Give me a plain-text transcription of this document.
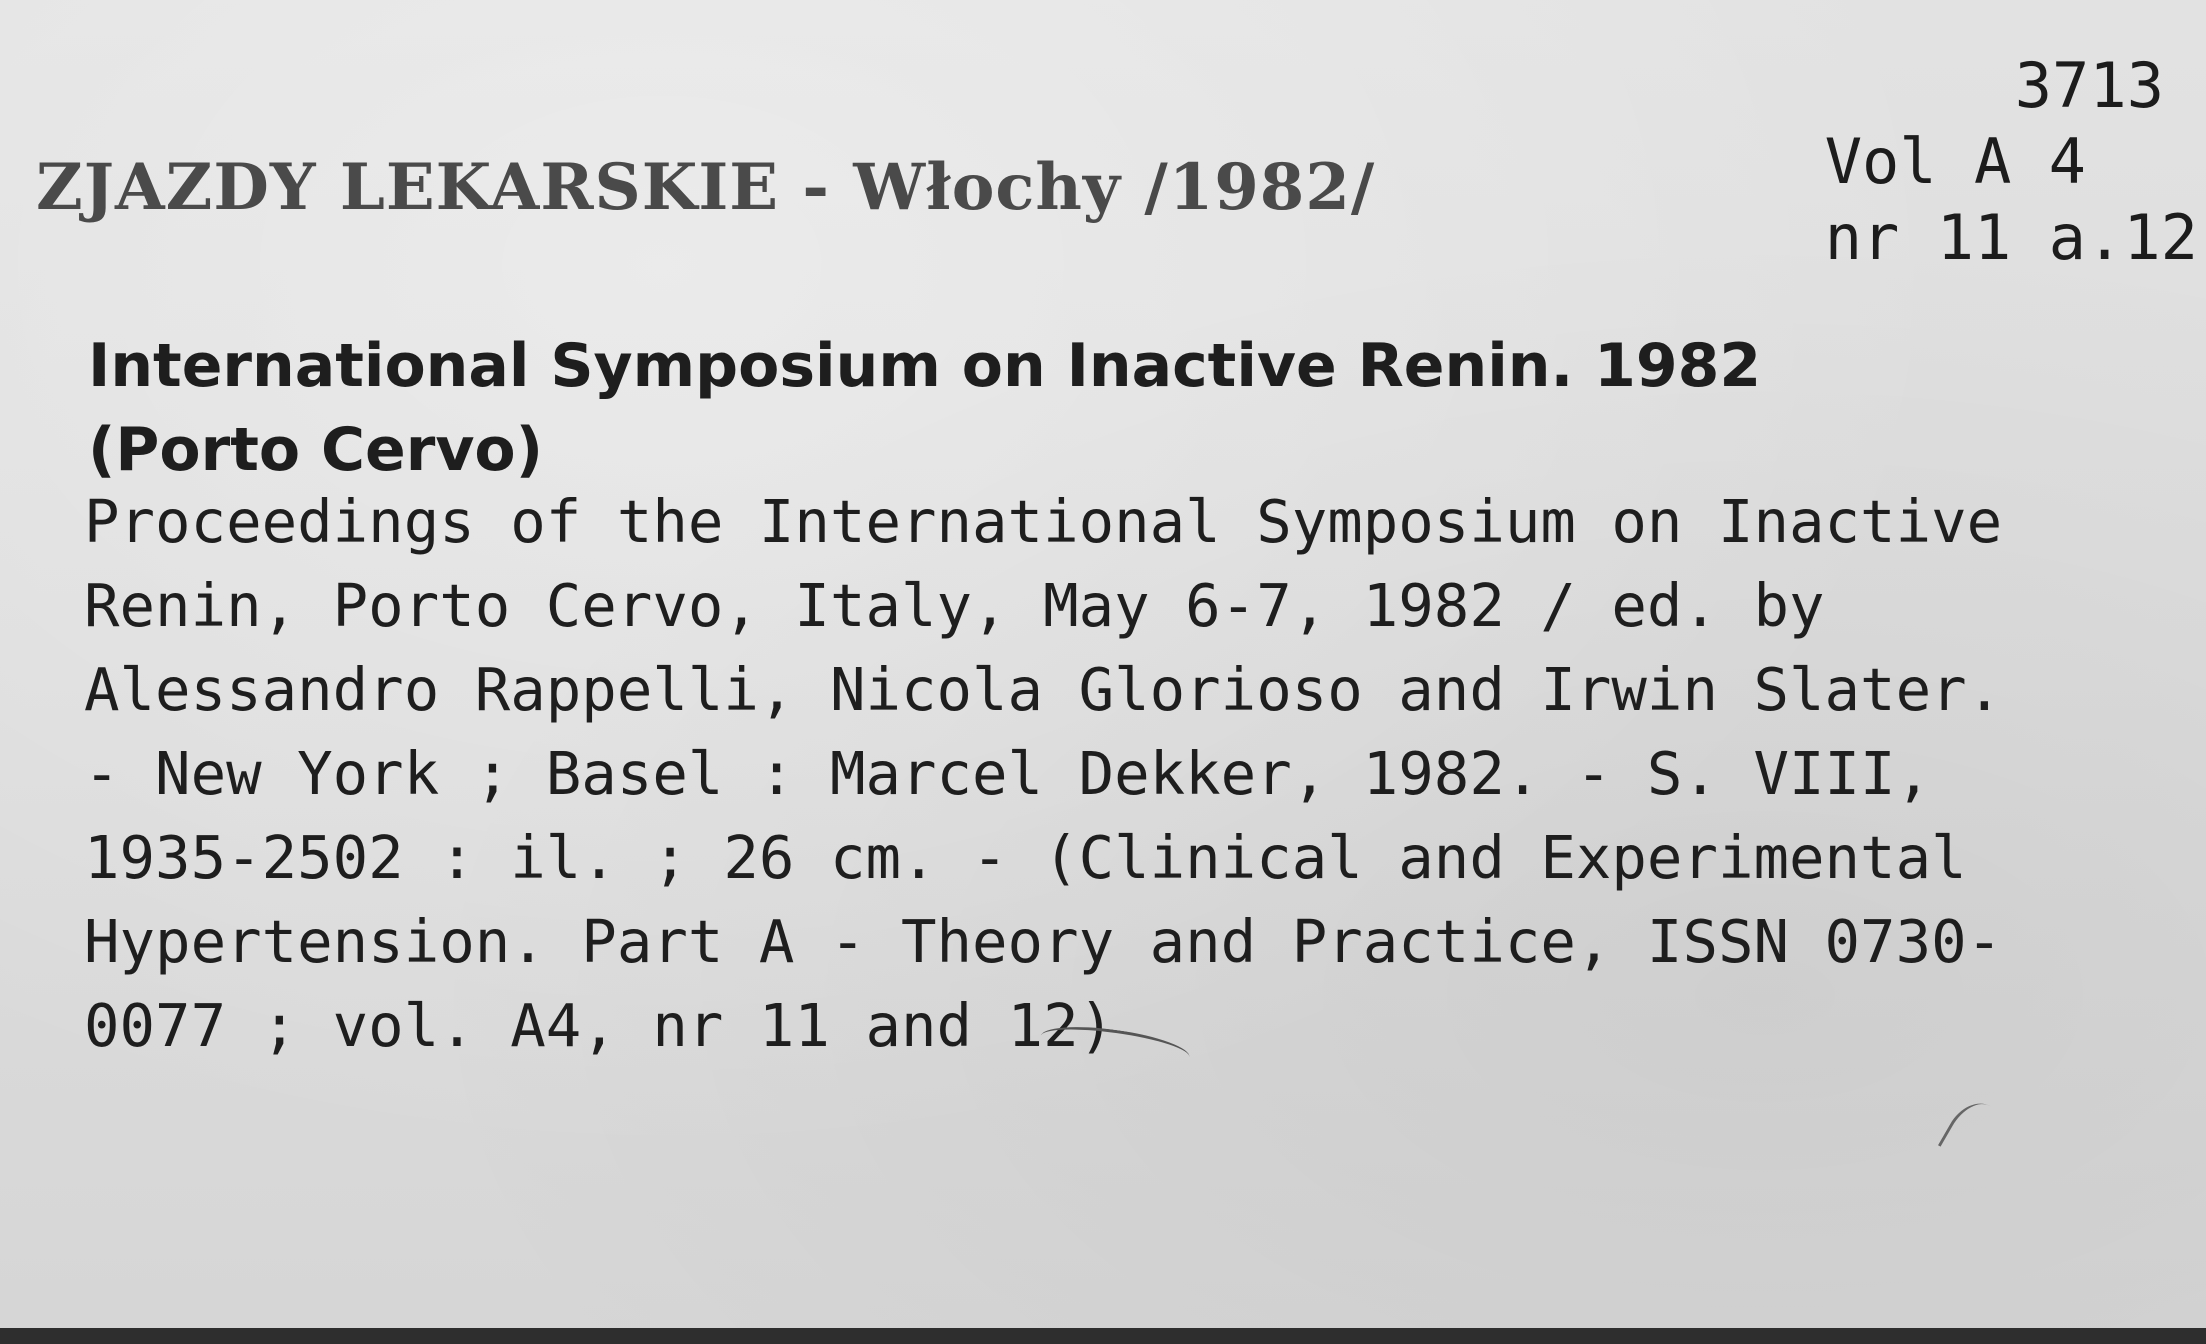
ZJAZDY LEKARSKIE - Włochy /1982/
3713
Vol A 4
nr 11 a.12
International Symposium on Inactive Renin. 1982
(Porto Cervo)
Proceedings of the International Symposium on Inactive
Renin, Porto Cervo, Italy, May 6-7, 1982 / ed. by
Alessandro Rappelli, Nicola Glorioso and Irwin Slater.
- New York ; Basel : Marcel Dekker, 1982. - S. VIII,
1935-2502 : il. ; 26 cm. - (Clinical and Experimental
Hypertension. Part A - Theory and Practice, ISSN 0730-
0077 ; vol. A4, nr 11 and 12)
